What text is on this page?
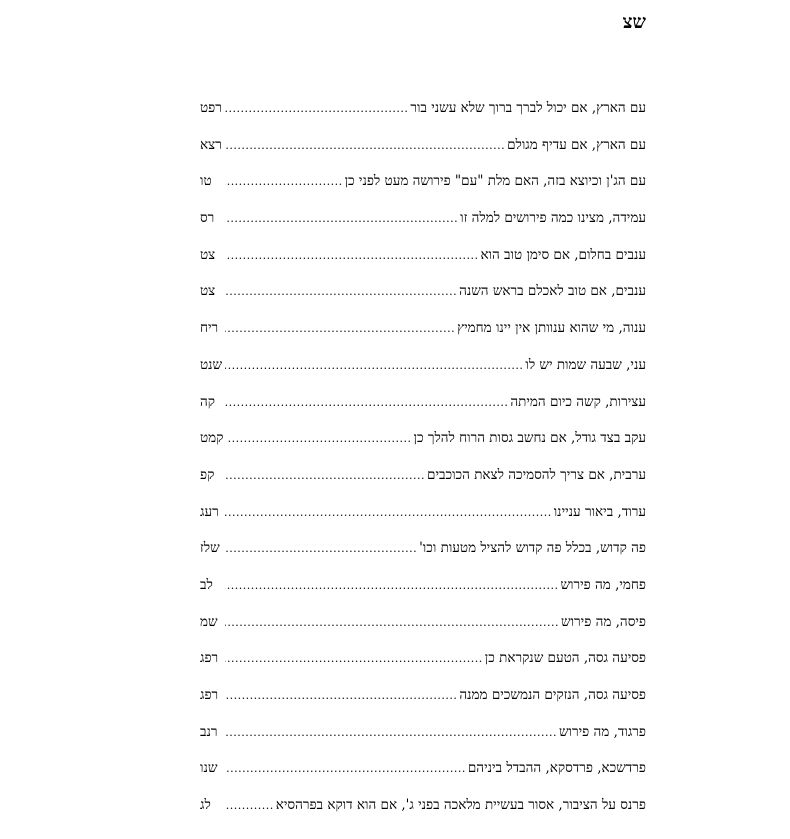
שצ
עם הארץ, אם יכול לברך ברוך שלא עשני בור
.....
רפט
עם הארץ, אם עדיף מגולם
.....
רצא
עם הג'ן וכיוצא בזה, האם מלת "עם" פירושה מעט לפני כן
.....
טו
עמידה, מצינו כמה פירושים למלה זו
.....
רס
ענבים בחלום, אם סימן טוב הוא
.....
צט
ענבים, אם טוב לאכלם בראש השנה
.....
צט
ענוה, מי שהוא ענוותן אין יינו מחמיץ
.....
ריח
עני, שבעה שמות יש לו
.....
שנט
עצירות, קשה כיום המיתה
.....
קה
עקב בצד גודל, אם נחשב גסות הרוח להלך כן
.....
קמט
ערבית, אם צריך להסמיכה לצאת הכוכבים
.....
קפ
ערוד, ביאור עניינו
.....
רעג
פה קדוש, בכלל פה קדוש להציל מטעות וכו'
.....
שלז
פחמי, מה פירוש
.....
לב
פיסה, מה פירוש
.....
שמ
פסיעה גסה, הטעם שנקראת כן
.....
רפג
פסיעה גסה, הנזקים הנמשכים ממנה
.....
רפג
פרגוד, מה פירוש
.....
רנב
פרדשכא, פרדסקא, ההבדל ביניהם
.....
שנו
פרנס על הציבור, אסור בעשיית מלאכה בפני ג', אם הוא דוקא בפרהסיא
.....
לג
